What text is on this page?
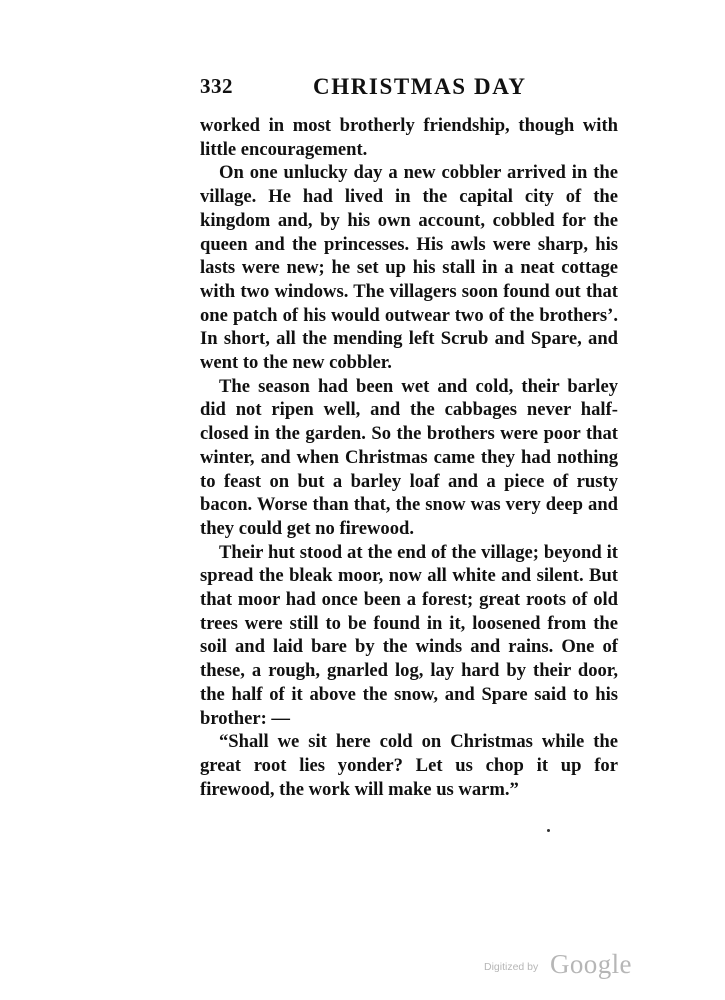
332	CHRISTMAS DAY

worked in most brotherly friendship, though with little encouragement.

On one unlucky day a new cobbler arrived in the village. He had lived in the capital city of the kingdom and, by his own account, cobbled for the queen and the princesses. His awls were sharp, his lasts were new; he set up his stall in a neat cottage with two windows. The villagers soon found out that one patch of his would outwear two of the brothers’. In short, all the mending left Scrub and Spare, and went to the new cobbler.

The season had been wet and cold, their barley did not ripen well, and the cabbages never half-closed in the garden. So the brothers were poor that winter, and when Christmas came they had nothing to feast on but a barley loaf and a piece of rusty bacon. Worse than that, the snow was very deep and they could get no firewood.

Their hut stood at the end of the village; beyond it spread the bleak moor, now all white and silent. But that moor had once been a forest; great roots of old trees were still to be found in it, loosened from the soil and laid bare by the winds and rains. One of these, a rough, gnarled log, lay hard by their door, the half of it above the snow, and Spare said to his brother: —

“Shall we sit here cold on Christmas while the great root lies yonder? Let us chop it up for firewood, the work will make us warm.”

Digitized by Google
